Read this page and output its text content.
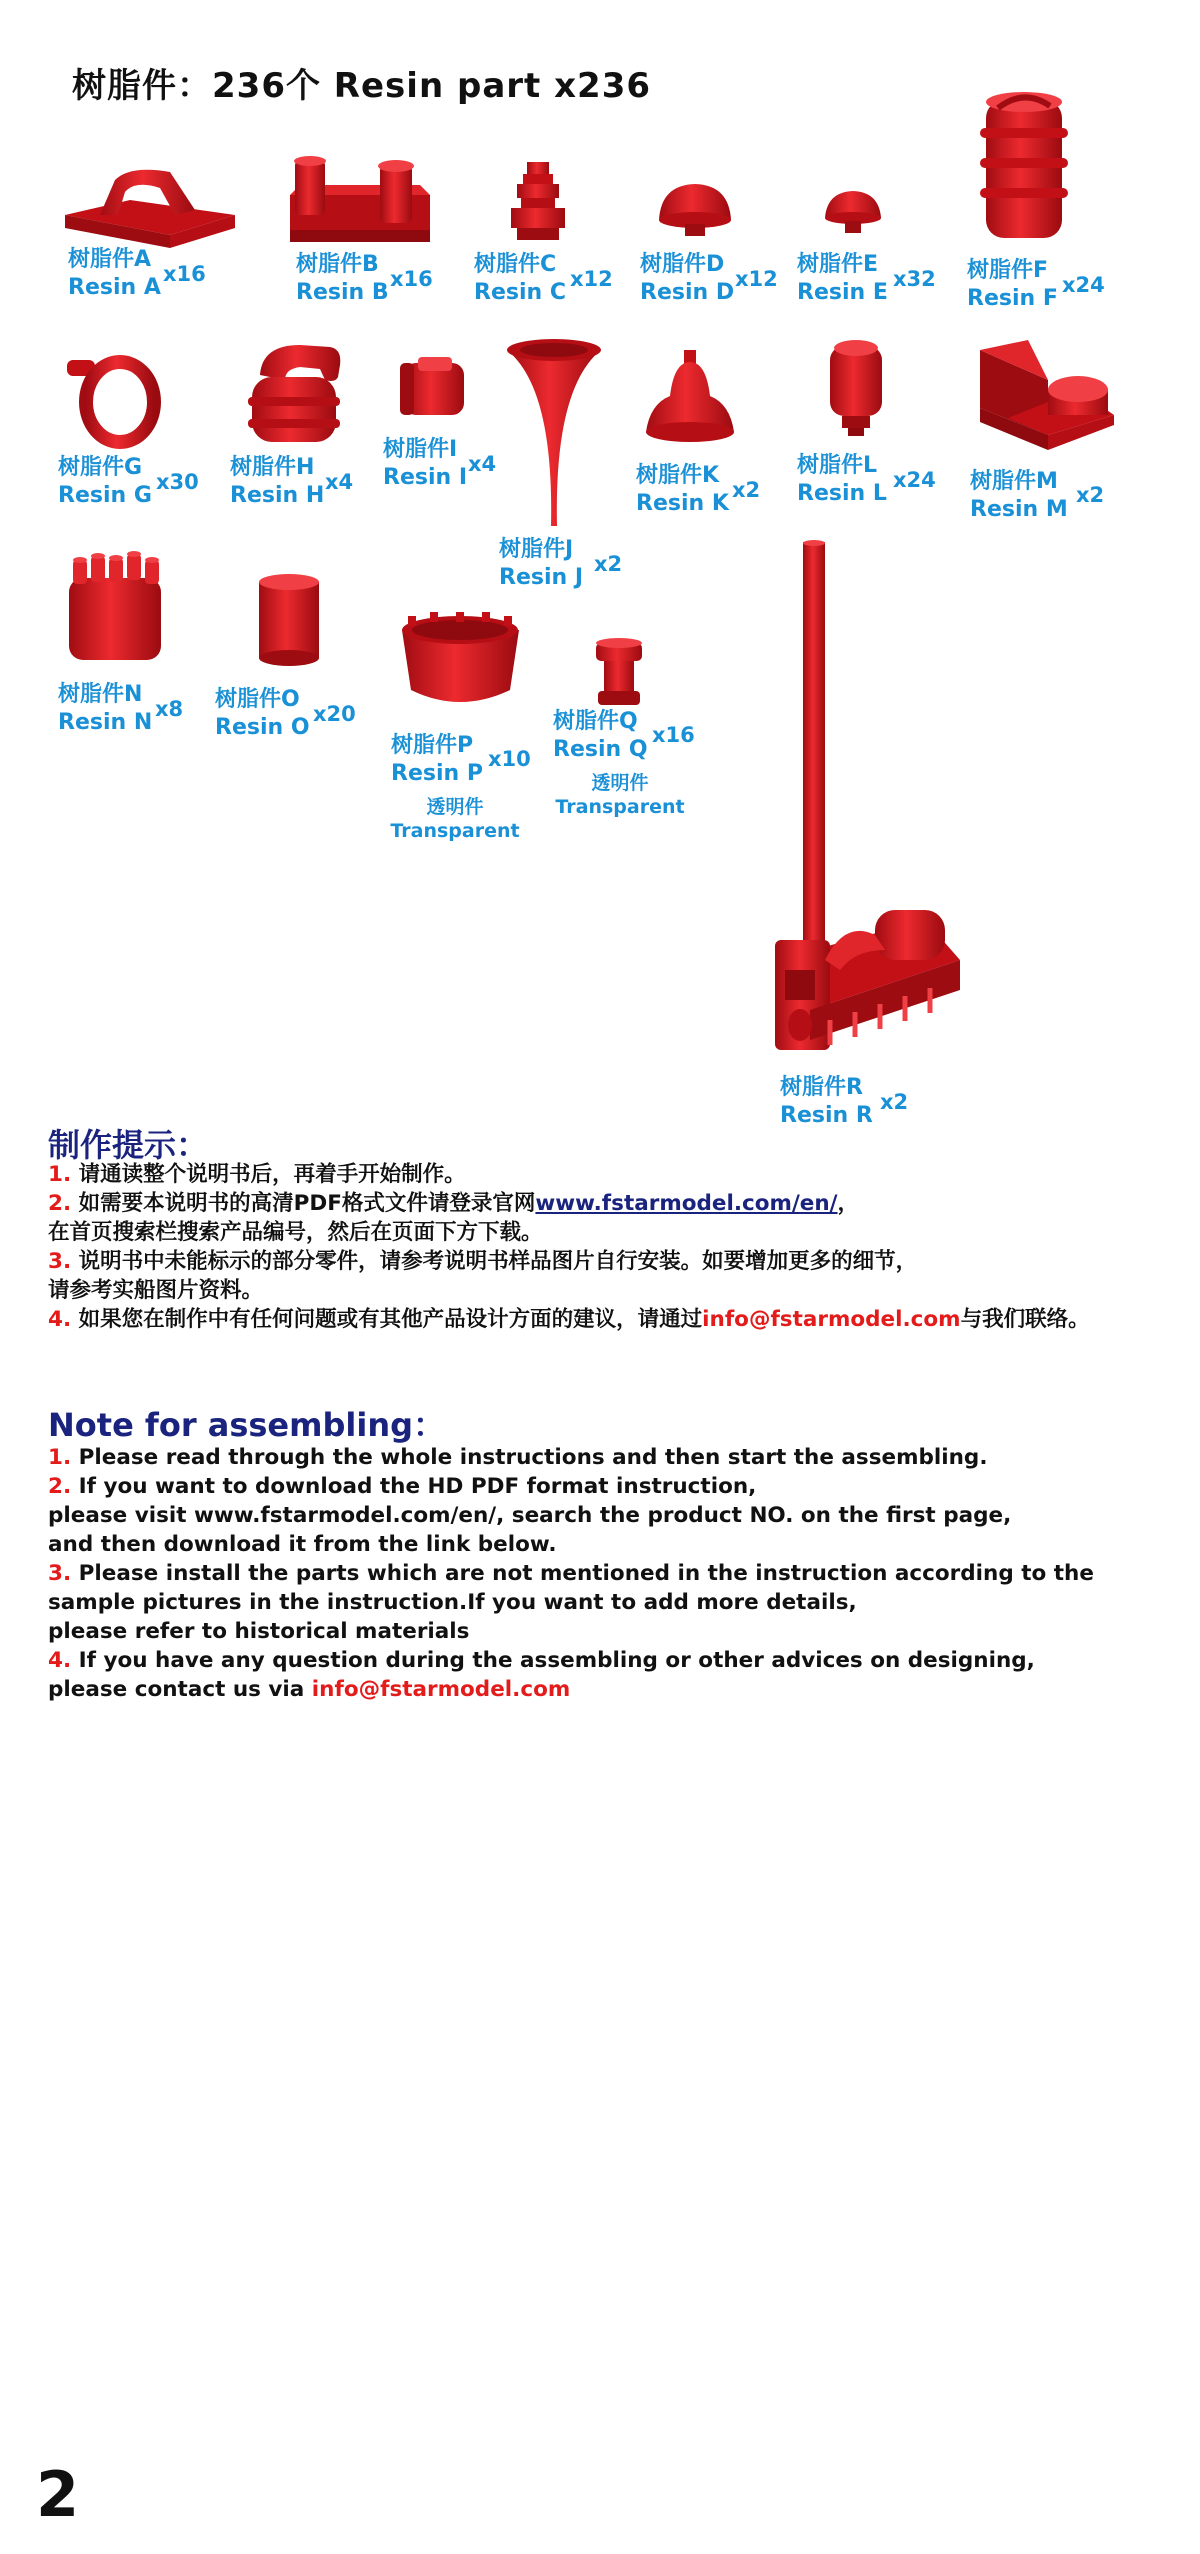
树脂件：236个 Resin part x236
树脂件A
Resin A
x16	树脂件B
Resin B
x16
树脂件C
Resin C
x12
树脂件D
Resin D
x12
树脂件E
Resin E
x32 树脂件F
Resin F
x24
树脂件G
Resin G
x30
树脂件H
Resin H
x4
树脂件I
Resin I
x4
树脂件J
Resin J
x2
树脂件K
Resin K
x2
树脂件L
Resin L
x24 树脂件M
Resin M
x2
树脂件N
Resin N
x8 树脂件O
Resin O
x20
树脂件P
Resin P
x10
透明件
Transparent
树脂件Q
Resin Q
x16
透明件
Transparent
树脂件R
Resin R
x2
制作提示：
1. 请通读整个说明书后，再着手开始制作。
2. 如需要本说明书的高清PDF格式文件请登录官网www.fstarmodel.com/en/，
在首页搜索栏搜索产品编号，然后在页面下方下载。
3. 说明书中未能标示的部分零件，请参考说明书样品图片自行安装。如要增加更多的细节，
请参考实船图片资料。
4. 如果您在制作中有任何问题或有其他产品设计方面的建议，请通过info@fstarmodel.com与我们联络。
Note for assembling：
1. Please read through the whole instructions and then start the assembling.
2. If you want to download the HD PDF format instruction,
please visit www.fstarmodel.com/en/, search the product NO. on the first page,
and then download it from the link below.
3. Please install the parts which are not mentioned in the instruction according to the
sample pictures in the instruction.If you want to add more details,
please refer to historical materials
4. If you have any question during the assembling or other advices on designing,
please contact us via info@fstarmodel.com
2
